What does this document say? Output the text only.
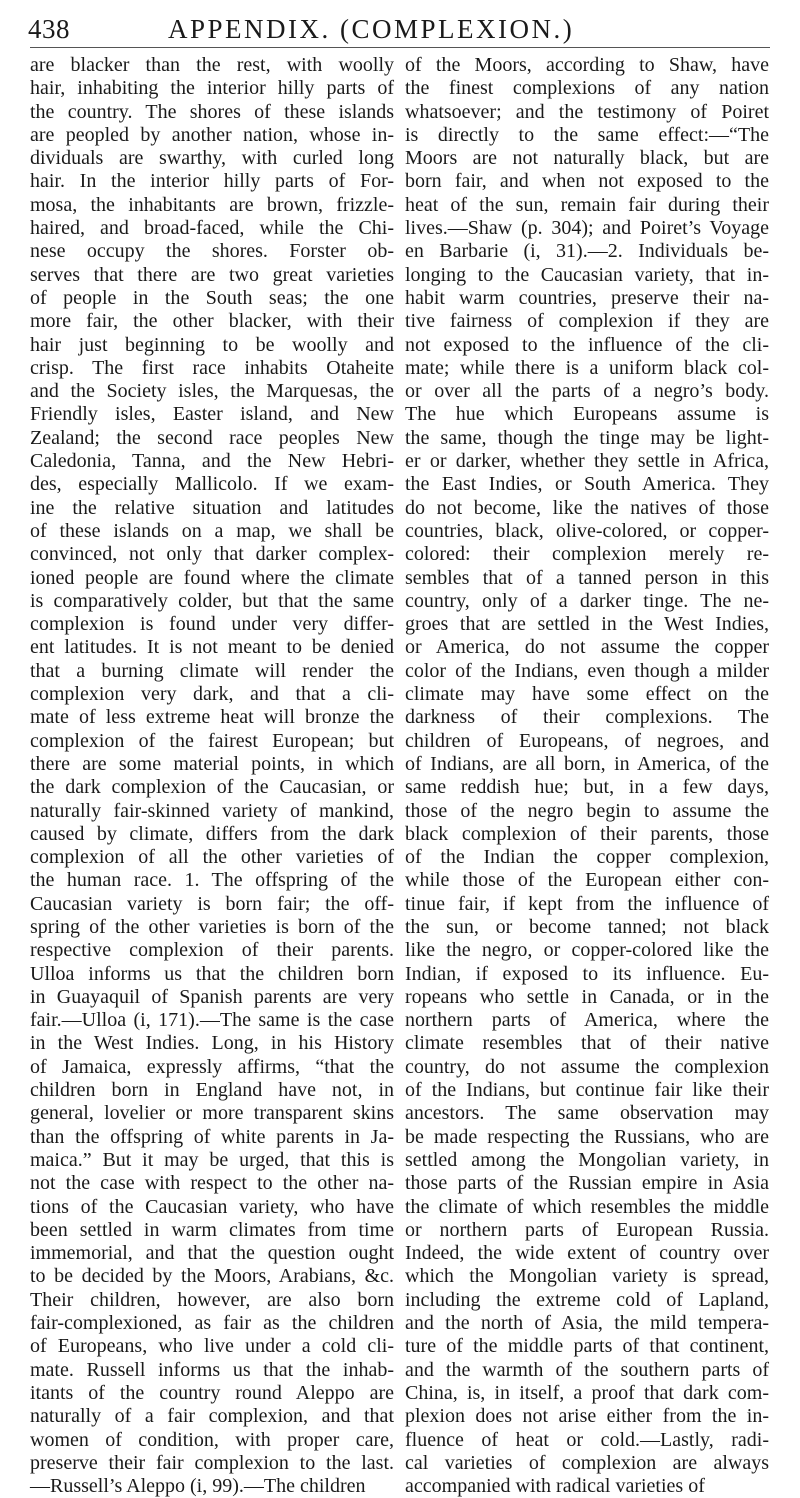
438	APPENDIX. (COMPLEXION.)
are blacker than the rest, with woolly
hair, inhabiting the interior hilly parts of
the country. The shores of these islands
are peopled by another nation, whose in-
dividuals are swarthy, with curled long
hair. In the interior hilly parts of For-
mosa, the inhabitants are brown, frizzle-
haired, and broad-faced, while the Chi-
nese occupy the shores. Forster ob-
serves that there are two great varieties
of people in the South seas; the one
more fair, the other blacker, with their
hair just beginning to be woolly and
crisp. The first race inhabits Otaheite
and the Society isles, the Marquesas, the
Friendly isles, Easter island, and New
Zealand; the second race peoples New
Caledonia, Tanna, and the New Hebri-
des, especially Mallicolo. If we exam-
ine the relative situation and latitudes
of these islands on a map, we shall be
convinced, not only that darker complex-
ioned people are found where the climate
is comparatively colder, but that the same
complexion is found under very differ-
ent latitudes. It is not meant to be denied
that a burning climate will render the
complexion very dark, and that a cli-
mate of less extreme heat will bronze the
complexion of the fairest European; but
there are some material points, in which
the dark complexion of the Caucasian, or
naturally fair-skinned variety of mankind,
caused by climate, differs from the dark
complexion of all the other varieties of
the human race. 1. The offspring of the
Caucasian variety is born fair; the off-
spring of the other varieties is born of the
respective complexion of their parents.
Ulloa informs us that the children born
in Guayaquil of Spanish parents are very
fair.—Ulloa (i, 171).—The same is the case
in the West Indies. Long, in his History
of Jamaica, expressly affirms, “that the
children born in England have not, in
general, lovelier or more transparent skins
than the offspring of white parents in Ja-
maica.” But it may be urged, that this is
not the case with respect to the other na-
tions of the Caucasian variety, who have
been settled in warm climates from time
immemorial, and that the question ought
to be decided by the Moors, Arabians, &c.
Their children, however, are also born
fair-complexioned, as fair as the children
of Europeans, who live under a cold cli-
mate. Russell informs us that the inhab-
itants of the country round Aleppo are
naturally of a fair complexion, and that
women of condition, with proper care,
preserve their fair complexion to the last.
—Russell’s Aleppo (i, 99).—The children
of the Moors, according to Shaw, have
the finest complexions of any nation
whatsoever; and the testimony of Poiret
is directly to the same effect:—“The
Moors are not naturally black, but are
born fair, and when not exposed to the
heat of the sun, remain fair during their
lives.—Shaw (p. 304); and Poiret’s Voyage
en Barbarie (i, 31).—2. Individuals be-
longing to the Caucasian variety, that in-
habit warm countries, preserve their na-
tive fairness of complexion if they are
not exposed to the influence of the cli-
mate; while there is a uniform black col-
or over all the parts of a negro’s body.
The hue which Europeans assume is
the same, though the tinge may be light-
er or darker, whether they settle in Africa,
the East Indies, or South America. They
do not become, like the natives of those
countries, black, olive-colored, or copper-
colored: their complexion merely re-
sembles that of a tanned person in this
country, only of a darker tinge. The ne-
groes that are settled in the West Indies,
or America, do not assume the copper
color of the Indians, even though a milder
climate may have some effect on the
darkness of their complexions. The
children of Europeans, of negroes, and
of Indians, are all born, in America, of the
same reddish hue; but, in a few days,
those of the negro begin to assume the
black complexion of their parents, those
of the Indian the copper complexion,
while those of the European either con-
tinue fair, if kept from the influence of
the sun, or become tanned; not black
like the negro, or copper-colored like the
Indian, if exposed to its influence. Eu-
ropeans who settle in Canada, or in the
northern parts of America, where the
climate resembles that of their native
country, do not assume the complexion
of the Indians, but continue fair like their
ancestors. The same observation may
be made respecting the Russians, who are
settled among the Mongolian variety, in
those parts of the Russian empire in Asia
the climate of which resembles the middle
or northern parts of European Russia.
Indeed, the wide extent of country over
which the Mongolian variety is spread,
including the extreme cold of Lapland,
and the north of Asia, the mild tempera-
ture of the middle parts of that continent,
and the warmth of the southern parts of
China, is, in itself, a proof that dark com-
plexion does not arise either from the in-
fluence of heat or cold.—Lastly, radi-
cal varieties of complexion are always
accompanied with radical varieties of
